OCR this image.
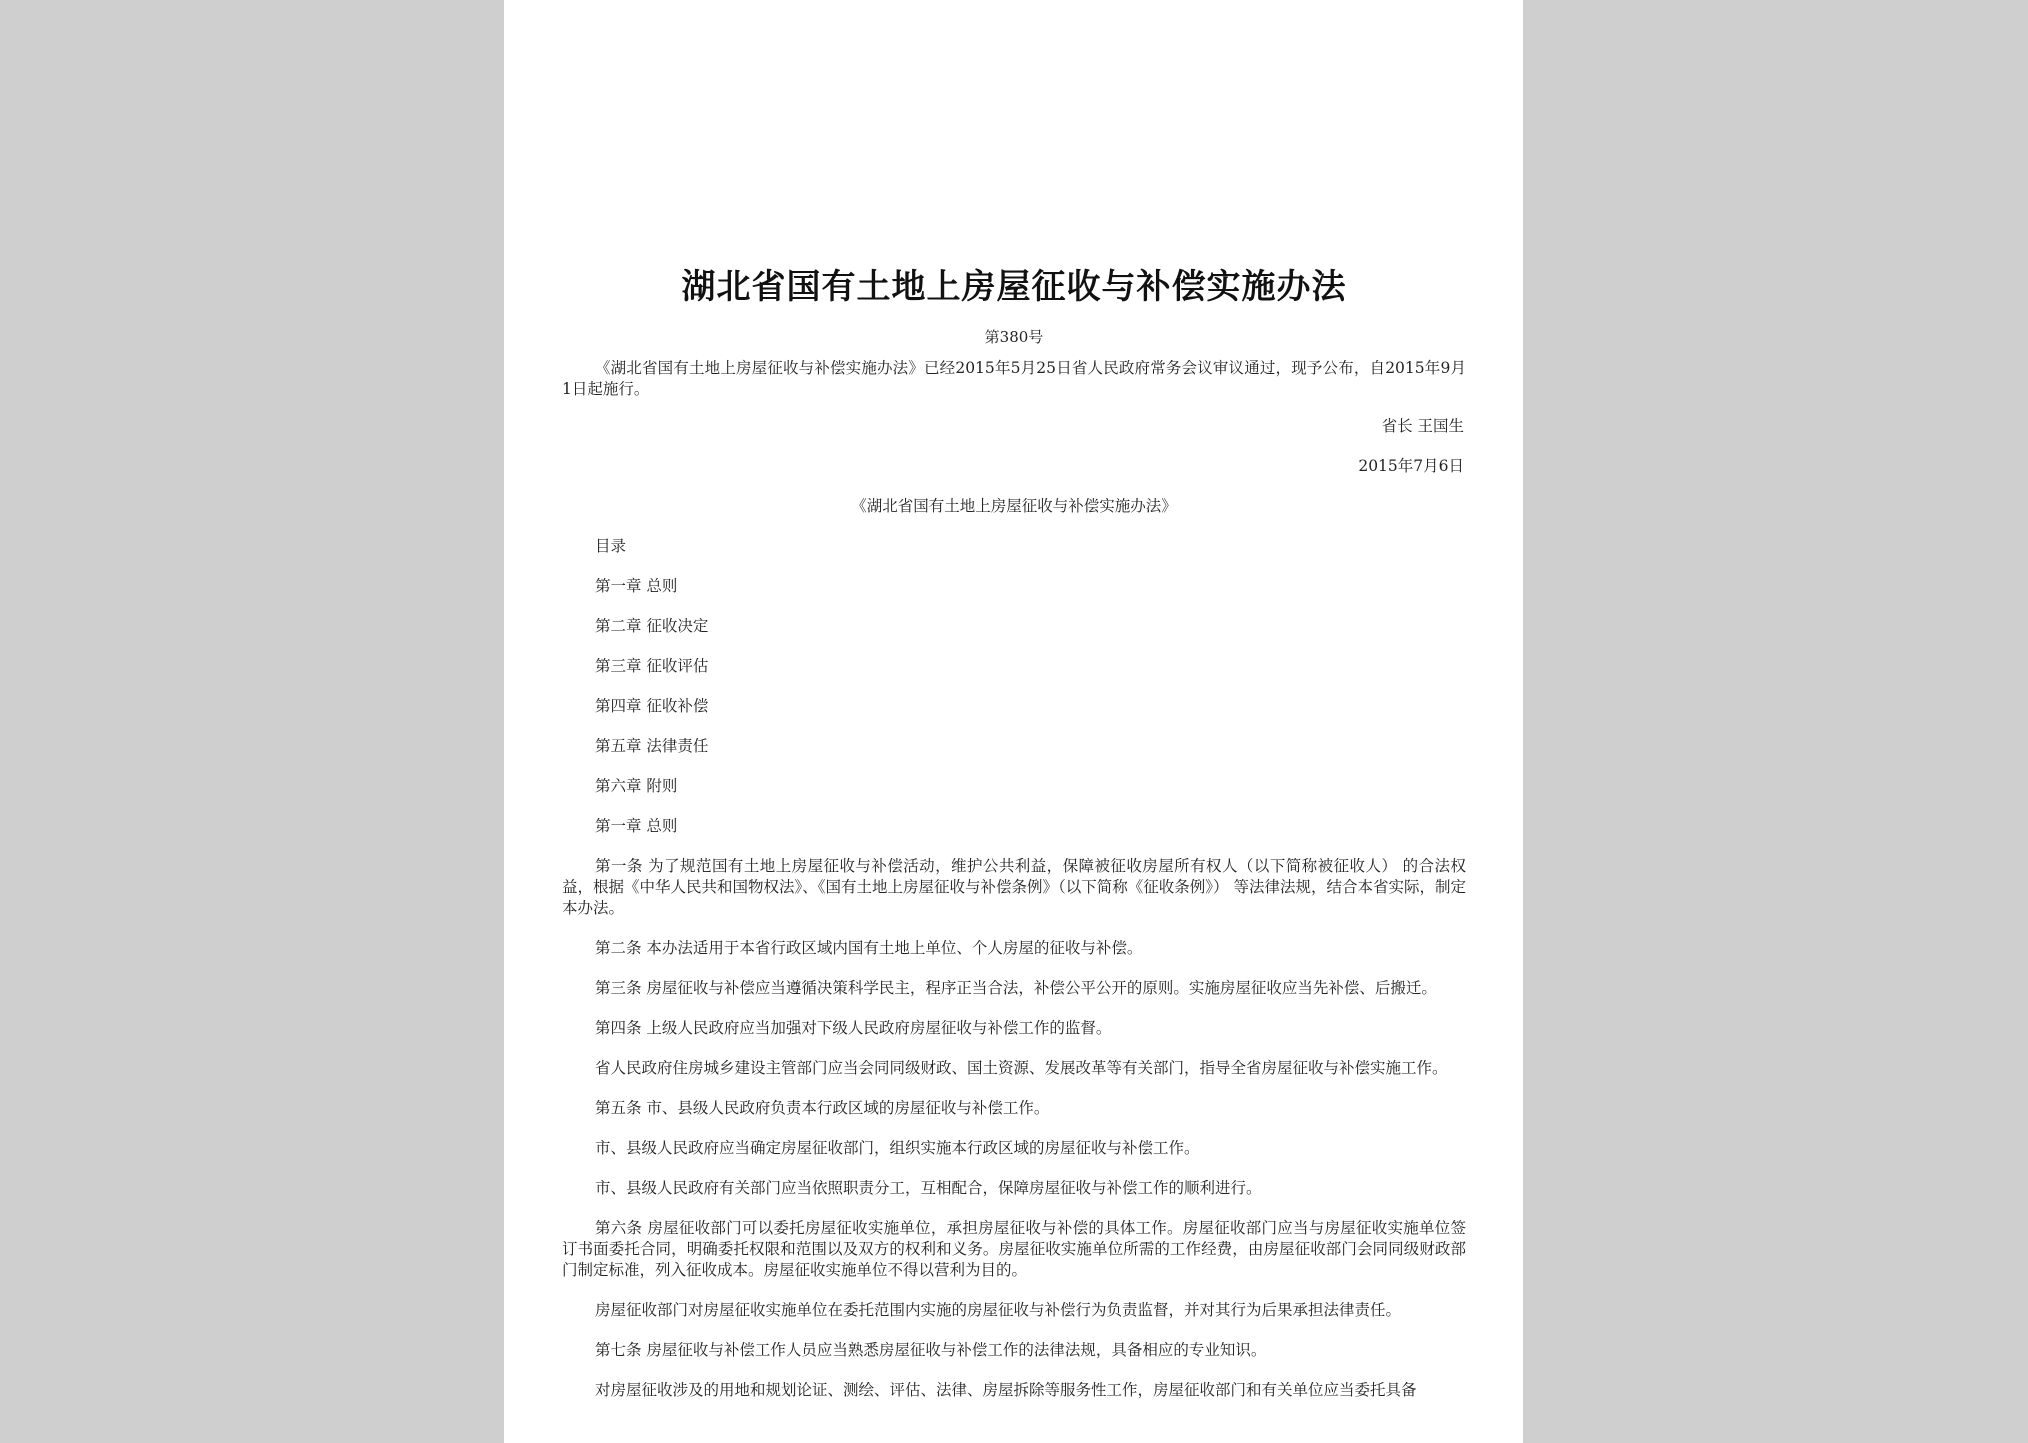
湖北省国有土地上房屋征收与补偿实施办法
第380号

《湖北省国有土地上房屋征收与补偿实施办法》已经2015年5月25日省人民政府常务会议审议通过，现予公布，自2015年9月1日起施行。

省长 王国生

2015年7月6日

《湖北省国有土地上房屋征收与补偿实施办法》

目录

第一章 总则

第二章 征收决定

第三章 征收评估

第四章 征收补偿

第五章 法律责任

第六章 附则

第一章 总则

第一条 为了规范国有土地上房屋征收与补偿活动，维护公共利益，保障被征收房屋所有权人（以下简称被征收人） 的合法权益，根据《中华人民共和国物权法》、《国有土地上房屋征收与补偿条例》（以下简称《征收条例》） 等法律法规，结合本省实际，制定本办法。

第二条 本办法适用于本省行政区域内国有土地上单位、个人房屋的征收与补偿。

第三条 房屋征收与补偿应当遵循决策科学民主，程序正当合法，补偿公平公开的原则。实施房屋征收应当先补偿、后搬迁。

第四条 上级人民政府应当加强对下级人民政府房屋征收与补偿工作的监督。

省人民政府住房城乡建设主管部门应当会同同级财政、国土资源、发展改革等有关部门，指导全省房屋征收与补偿实施工作。

第五条 市、县级人民政府负责本行政区域的房屋征收与补偿工作。

市、县级人民政府应当确定房屋征收部门，组织实施本行政区域的房屋征收与补偿工作。

市、县级人民政府有关部门应当依照职责分工，互相配合，保障房屋征收与补偿工作的顺利进行。

第六条 房屋征收部门可以委托房屋征收实施单位，承担房屋征收与补偿的具体工作。房屋征收部门应当与房屋征收实施单位签订书面委托合同，明确委托权限和范围以及双方的权利和义务。房屋征收实施单位所需的工作经费，由房屋征收部门会同同级财政部门制定标准，列入征收成本。房屋征收实施单位不得以营利为目的。

房屋征收部门对房屋征收实施单位在委托范围内实施的房屋征收与补偿行为负责监督，并对其行为后果承担法律责任。

第七条 房屋征收与补偿工作人员应当熟悉房屋征收与补偿工作的法律法规，具备相应的专业知识。

对房屋征收涉及的用地和规划论证、测绘、评估、法律、房屋拆除等服务性工作，房屋征收部门和有关单位应当委托具备
